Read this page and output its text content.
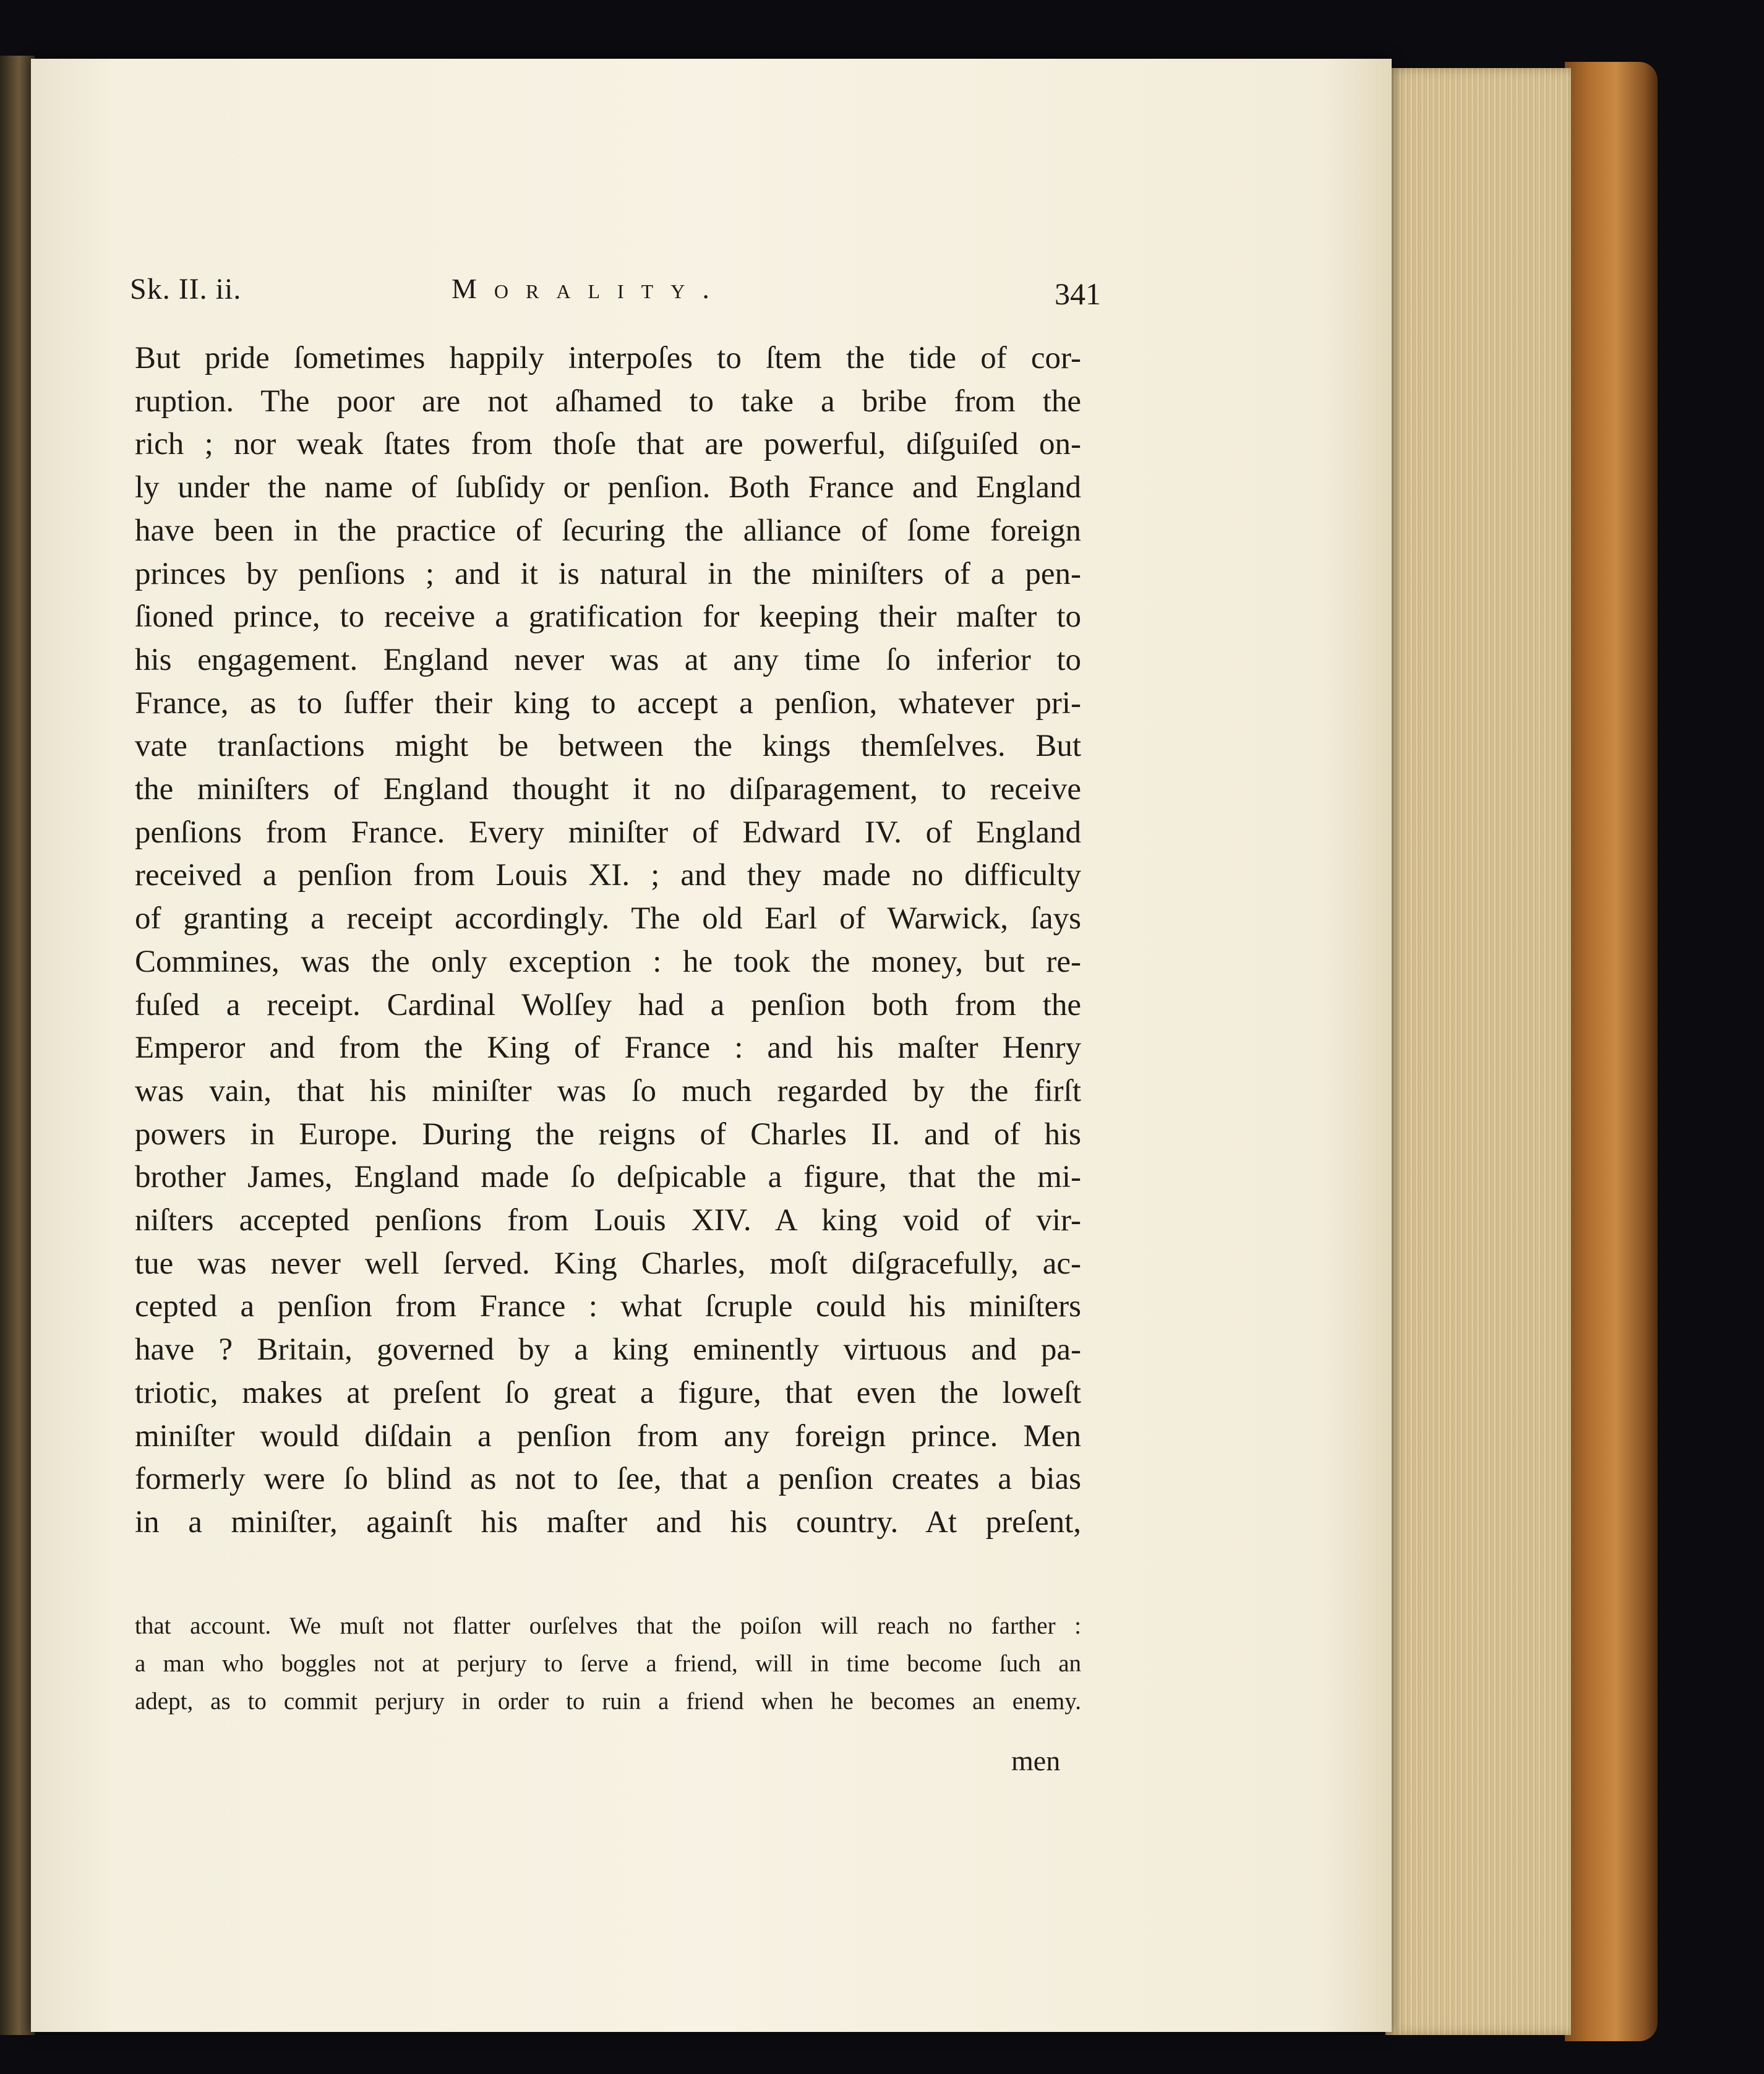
Sk. II. ii.	Morality.	341
But pride ſometimes happily interpoſes to ſtem the tide of cor-
ruption. The poor are not aſhamed to take a bribe from the
rich ; nor weak ſtates from thoſe that are powerful, diſguiſed on-
ly under the name of ſubſidy or penſion. Both France and England
have been in the practice of ſecuring the alliance of ſome foreign
princes by penſions ; and it is natural in the miniſters of a pen-
ſioned prince, to receive a gratification for keeping their maſter to
his engagement. England never was at any time ſo inferior to
France, as to ſuffer their king to accept a penſion, whatever pri-
vate tranſactions might be between the kings themſelves. But
the miniſters of England thought it no diſparagement, to receive
penſions from France. Every miniſter of Edward IV. of England
received a penſion from Louis XI. ; and they made no difficulty
of granting a receipt accordingly. The old Earl of Warwick, ſays
Commines, was the only exception : he took the money, but re-
fuſed a receipt. Cardinal Wolſey had a penſion both from the
Emperor and from the King of France : and his maſter Henry
was vain, that his miniſter was ſo much regarded by the firſt
powers in Europe. During the reigns of Charles II. and of his
brother James, England made ſo deſpicable a figure, that the mi-
niſters accepted penſions from Louis XIV. A king void of vir-
tue was never well ſerved. King Charles, moſt diſgracefully, ac-
cepted a penſion from France : what ſcruple could his miniſters
have ? Britain, governed by a king eminently virtuous and pa-
triotic, makes at preſent ſo great a figure, that even the loweſt
miniſter would diſdain a penſion from any foreign prince. Men
formerly were ſo blind as not to ſee, that a penſion creates a bias
in a miniſter, againſt his maſter and his country. At preſent,
that account. We muſt not flatter ourſelves that the poiſon will reach no farther :
a man who boggles not at perjury to ſerve a friend, will in time become ſuch an
adept, as to commit perjury in order to ruin a friend when he becomes an enemy.
men
